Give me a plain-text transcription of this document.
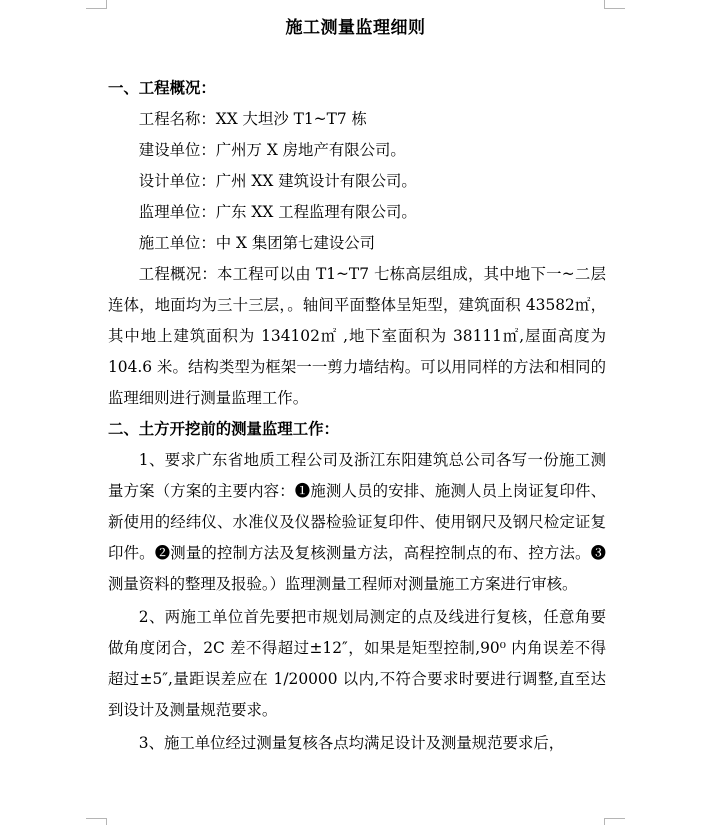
施工测量监理细则

一、工程概况：

工程名称：XX 大坦沙 T1~T7 栋

建设单位：广州万 X 房地产有限公司。

设计单位：广州 XX 建筑设计有限公司。

监理单位：广东 XX 工程监理有限公司。

施工单位：中 X 集团第七建设公司

工程概况：本工程可以由 T1~T7 七栋高层组成，其中地下一~二层连体，地面均为三十三层，。轴间平面整体呈矩型，建筑面积 43582㎡，其中地上建筑面积为 134102㎡ ,地下室面积为 38111㎡,屋面高度为 104.6 米。结构类型为框架一一剪力墙结构。可以用同样的方法和相同的监理细则进行测量监理工作。

二、土方开挖前的测量监理工作：

1、要求广东省地质工程公司及浙江东阳建筑总公司各写一份施工测量方案（方案的主要内容：❶施测人员的安排、施测人员上岗证复印件、新使用的经纬仪、水准仪及仪器检验证复印件、使用钢尺及钢尺检定证复印件。❷测量的控制方法及复核测量方法，高程控制点的布、控方法。❸测量资料的整理及报验。）监理测量工程师对测量施工方案进行审核。

2、两施工单位首先要把市规划局测定的点及线进行复核，任意角要做角度闭合，2C 差不得超过±12″，如果是矩型控制,90⁰ 内角误差不得超过±5″,量距误差应在 1/20000 以内,不符合要求时要进行调整,直至达到设计及测量规范要求。

3、施工单位经过测量复核各点均满足设计及测量规范要求后，
